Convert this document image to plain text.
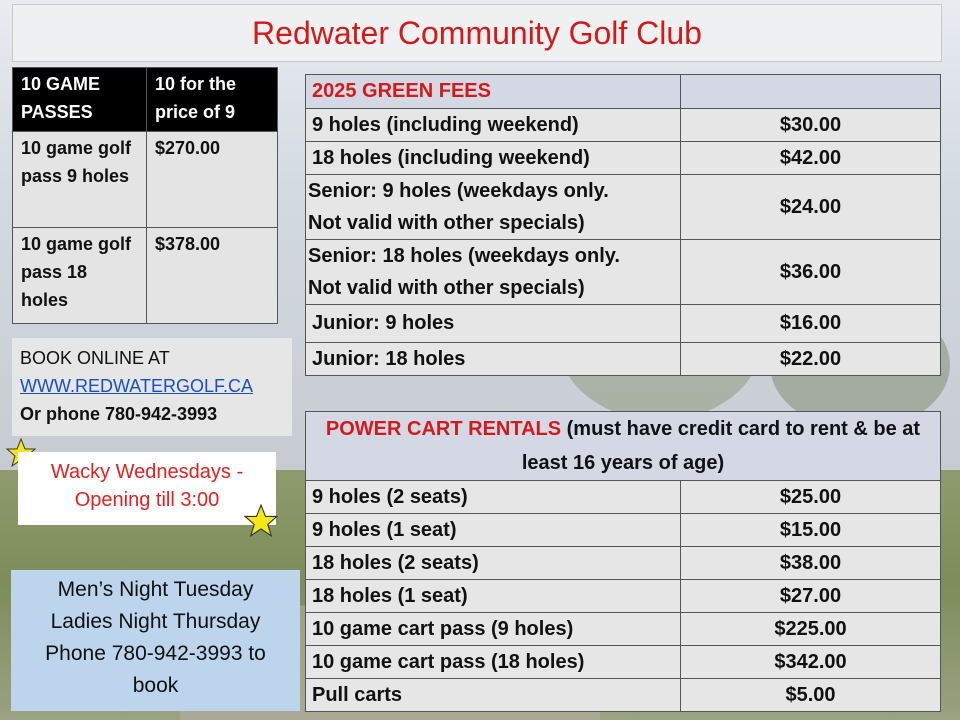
Redwater Community Golf Club
10 GAME PASSES	10 for the price of 9
10 game golf pass 9 holes	$270.00
10 game golf pass 18 holes	$378.00
BOOK ONLINE AT
WWW.REDWATERGOLF.CA
Or phone 780-942-3993
Wacky Wednesdays -
Opening till 3:00
Men’s Night Tuesday
Ladies Night Thursday
Phone 780-942-3993 to
book
2025 GREEN FEES	
9 holes (including weekend)	$30.00
18 holes (including weekend)	$42.00

Senior: 9 holes (weekdays only.
Not valid with other specials)	$24.00

Senior: 18 holes (weekdays only.
Not valid with other specials)	$36.00
Junior: 9 holes	$16.00
Junior: 18 holes	$22.00
POWER CART RENTALS (must have credit card to rent & be at least 16 years of age)	
9 holes (2 seats)	$25.00
9 holes (1 seat)	$15.00
18 holes (2 seats)	$38.00
18 holes (1 seat)	$27.00
10 game cart pass (9 holes)	$225.00
10 game cart pass (18 holes)	$342.00
Pull carts	$5.00
